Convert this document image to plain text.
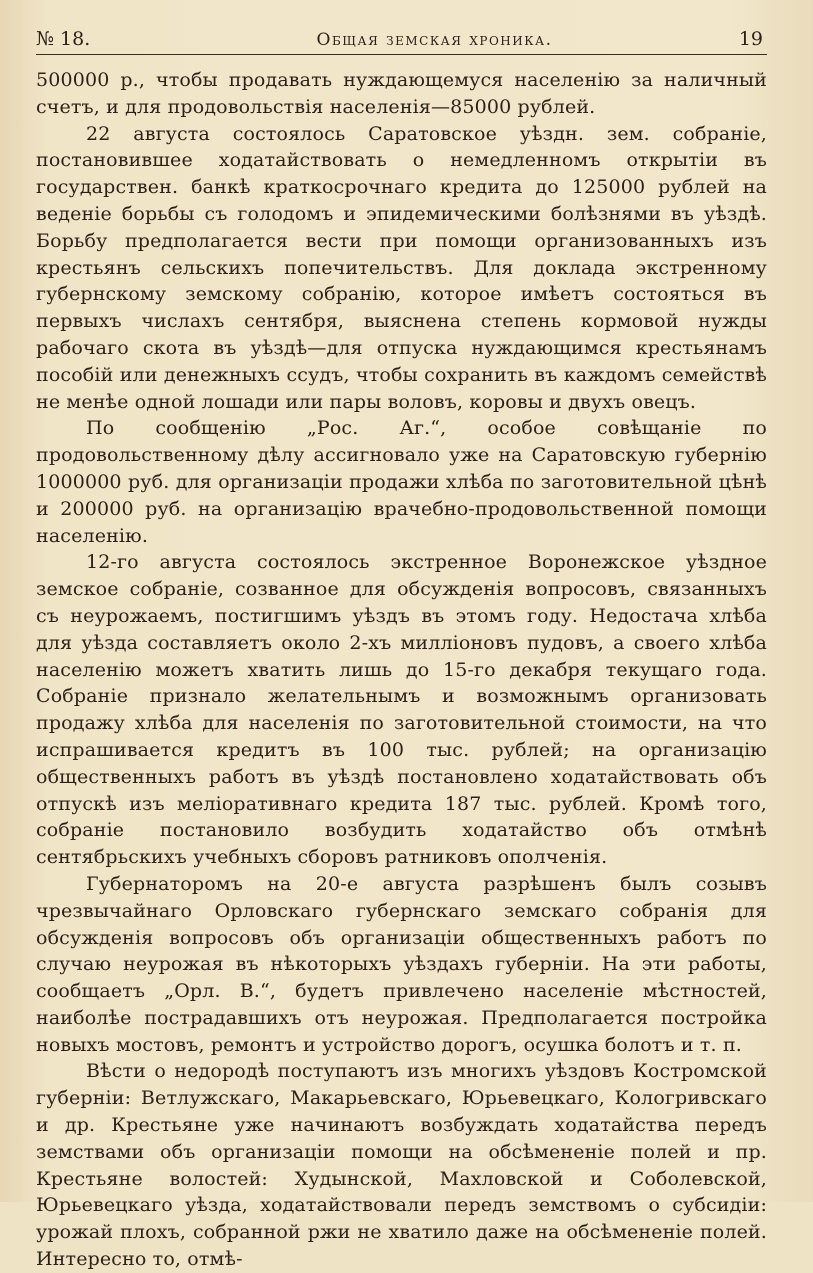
№ 18.	Общая земская хроника.	19

500000 р., чтобы продавать нуждающемуся населенію за наличный счетъ, и для продовольствія населенія—85000 рублей.

22 августа состоялось Саратовское уѣздн. зем. собраніе, постановившее ходатайствовать о немедленномъ открытіи въ государствен. банкѣ краткосрочнаго кредита до 125000 рублей на веденіе борьбы съ голодомъ и эпидемическими болѣзнями въ уѣздѣ. Борьбу предполагается вести при помощи организованныхъ изъ крестьянъ сельскихъ попечительствъ. Для доклада экстренному губернскому земскому собранію, которое имѣетъ состояться въ первыхъ числахъ сентября, выяснена степень кормовой нужды рабочаго скота въ уѣздѣ—для отпуска нуждающимся крестьянамъ пособій или денежныхъ ссудъ, чтобы сохранить въ каждомъ семействѣ не менѣе одной лошади или пары воловъ, коровы и двухъ овецъ.

По сообщенію „Рос. Аг.“, особое совѣщаніе по продовольственному дѣлу ассигновало уже на Саратовскую губернію 1000000 руб. для организаціи продажи хлѣба по заготовительной цѣнѣ и 200000 руб. на организацію врачебно-продовольственной помощи населенію.

12-го августа состоялось экстренное Воронежское уѣздное земское собраніе, созванное для обсужденія вопросовъ, связанныхъ съ неурожаемъ, постигшимъ уѣздъ въ этомъ году. Недостача хлѣба для уѣзда составляетъ около 2-хъ милліоновъ пудовъ, а своего хлѣба населенію можетъ хватить лишь до 15-го декабря текущаго года. Собраніе признало желательнымъ и возможнымъ организовать продажу хлѣба для населенія по заготовительной стоимости, на что испрашивается кредитъ въ 100 тыс. рублей; на организацію общественныхъ работъ въ уѣздѣ постановлено ходатайствовать объ отпускѣ изъ меліоративнаго кредита 187 тыс. рублей. Кромѣ того, собраніе постановило возбудить ходатайство объ отмѣнѣ сентябрьскихъ учебныхъ сборовъ ратниковъ ополченія.

Губернаторомъ на 20-е августа разрѣшенъ былъ созывъ чрезвычайнаго Орловскаго губернскаго земскаго собранія для обсужденія вопросовъ объ организаціи общественныхъ работъ по случаю неурожая въ нѣкоторыхъ уѣздахъ губерніи. На эти работы, сообщаетъ „Орл. В.“, будетъ привлечено населеніе мѣстностей, наиболѣе пострадавшихъ отъ неурожая. Предполагается постройка новыхъ мостовъ, ремонтъ и устройство дорогъ, осушка болотъ и т. п.

Вѣсти о недородѣ поступаютъ изъ многихъ уѣздовъ Костромской губерніи: Ветлужскаго, Макарьевскаго, Юрьевецкаго, Кологривскаго и др. Крестьяне уже начинаютъ возбуждать ходатайства передъ земствами объ организаціи помощи на обсѣмененіе полей и пр. Крестьяне волостей: Худынской, Махловской и Соболевской, Юрьевецкаго уѣзда, ходатайствовали передъ земствомъ о субсидіи: урожай плохъ, собранной ржи не хватило даже на обсѣмененіе полей. Интересно то, отмѣ-
